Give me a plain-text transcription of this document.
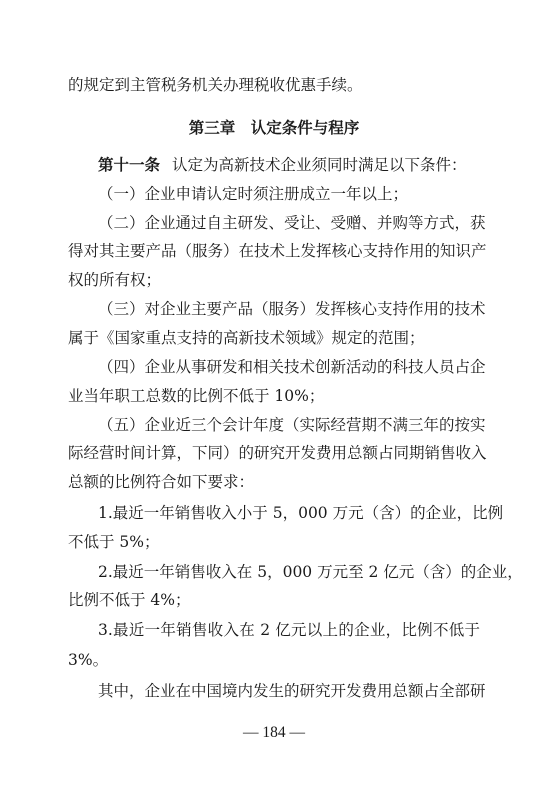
的规定到主管税务机关办理税收优惠手续。
第三章　认定条件与程序
第十一条 认定为高新技术企业须同时满足以下条件：
（一）企业申请认定时须注册成立一年以上；
（二）企业通过自主研发、受让、受赠、并购等方式，获
得对其主要产品（服务）在技术上发挥核心支持作用的知识产
权的所有权；
（三）对企业主要产品（服务）发挥核心支持作用的技术
属于《国家重点支持的高新技术领域》规定的范围；
（四）企业从事研发和相关技术创新活动的科技人员占企
业当年职工总数的比例不低于 10%；
（五）企业近三个会计年度（实际经营期不满三年的按实
际经营时间计算，下同）的研究开发费用总额占同期销售收入
总额的比例符合如下要求：
1.最近一年销售收入小于 5，000 万元（含）的企业，比例
不低于 5%；
2.最近一年销售收入在 5，000 万元至 2 亿元（含）的企业，
比例不低于 4%；
3.最近一年销售收入在 2 亿元以上的企业，比例不低于
3%。
其中，企业在中国境内发生的研究开发费用总额占全部研
— 184 —
